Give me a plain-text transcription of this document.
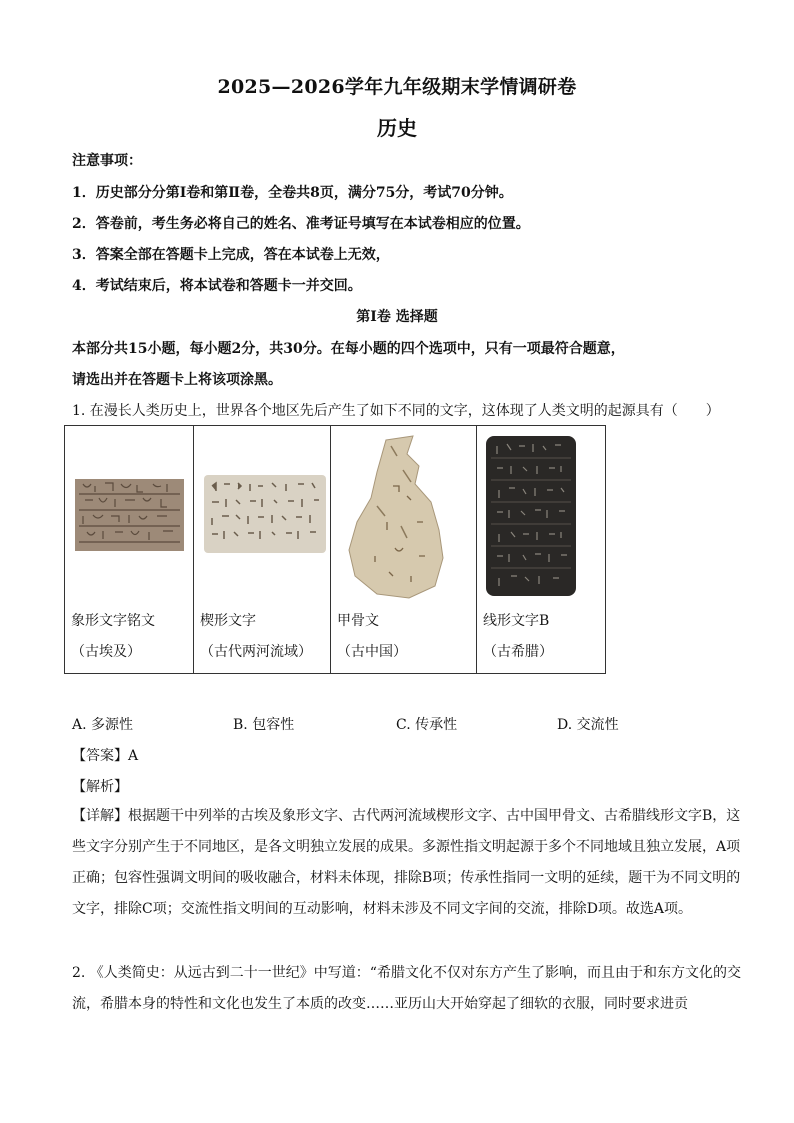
2025—2026学年九年级期末学情调研卷
历史
注意事项：
1．历史部分分第Ⅰ卷和第Ⅱ卷，全卷共8页，满分75分，考试70分钟。
2．答卷前，考生务必将自己的姓名、准考证号填写在本试卷相应的位置。
3．答案全部在答题卡上完成，答在本试卷上无效，
4．考试结束后，将本试卷和答题卡一并交回。
第Ⅰ卷 选择题
本部分共15小题，每小题2分，共30分。在每小题的四个选项中，只有一项最符合题意，
请选出并在答题卡上将该项涂黑。
1. 在漫长人类历史上，世界各个地区先后产生了如下不同的文字，这体现了人类文明的起源具有（　　）
象形文字铭文
（古埃及）

楔形文字
（古代两河流域）

甲骨文
（古中国）

线形文字B
（古希腊）
A. 多源性	B. 包容性	C. 传承性	D. 交流性
【答案】A
【解析】
【详解】根据题干中列举的古埃及象形文字、古代两河流域楔形文字、古中国甲骨文、古希腊线形文字B，这些文字分别产生于不同地区，是各文明独立发展的成果。多源性指文明起源于多个不同地域且独立发展，A项正确；包容性强调文明间的吸收融合，材料未体现，排除B项；传承性指同一文明的延续，题干为不同文明的文字，排除C项；交流性指文明间的互动影响，材料未涉及不同文字间的交流，排除D项。故选A项。
2. 《人类简史：从远古到二十一世纪》中写道：“希腊文化不仅对东方产生了影响，而且由于和东方文化的交流，希腊本身的特性和文化也发生了本质的改变……亚历山大开始穿起了细软的衣服，同时要求进贡
